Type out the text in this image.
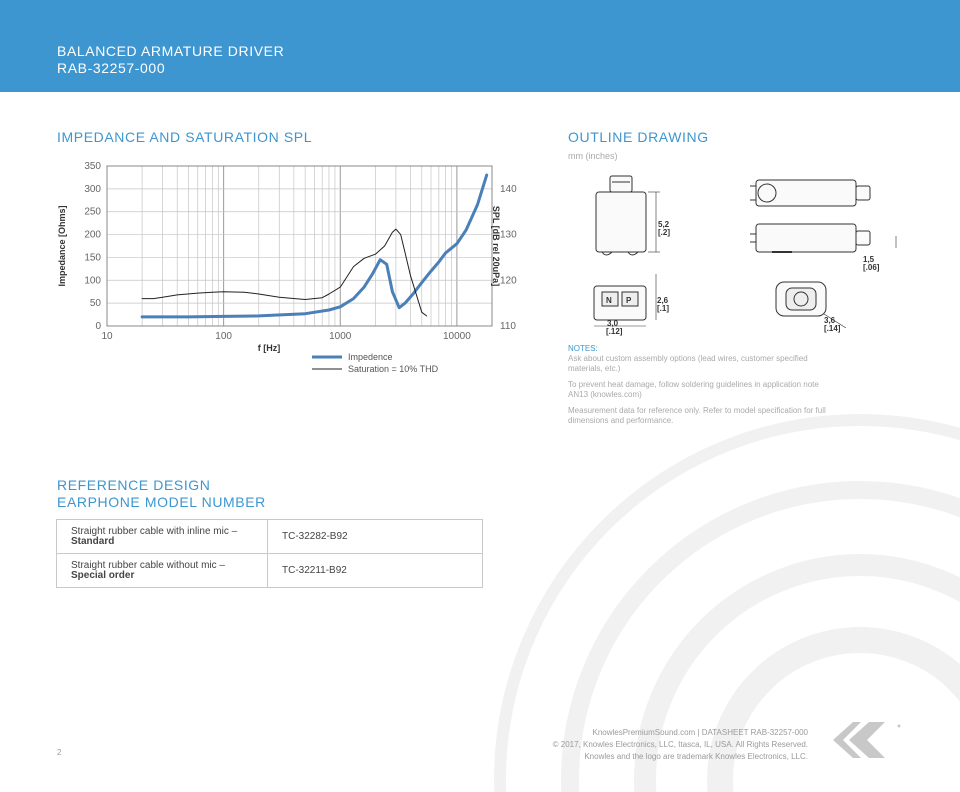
BALANCED ARMATURE DRIVER
RAB-32257-000
IMPEDANCE AND SATURATION SPL	OUTLINE DRAWING
0
50
100
150
200
250
300
350
110
120
130
140
10	100	1000	10000
f [Hz]
Impedance [Ohms]	SPL [dB rel 20uPa]
Impedence
Saturation = 10% THD
mm (inches)
5,2
[.2]
1,5
[.06]
2,6
[.1]
3,0
[.12]
3,6
[.14]
N P
NOTES:

Ask about custom assembly options (lead wires, customer specified materials, etc.)

To prevent heat damage, follow soldering guidelines in application note AN13 (knowles.com)

Measurement data for reference only. Refer to model specification for full dimensions and performance.

REFERENCE DESIGN
EARPHONE MODEL NUMBER
Straight rubber cable with inline mic – Standard	TC-32282-B92
Straight rubber cable without mic – Special order	TC-32211-B92
KnowlesPremiumSound.com | DATASHEET RAB-32257-000
© 2017, Knowles Electronics, LLC, Itasca, IL, USA. All Rights Reserved.
Knowles and the logo are trademark Knowles Electronics, LLC.
2
